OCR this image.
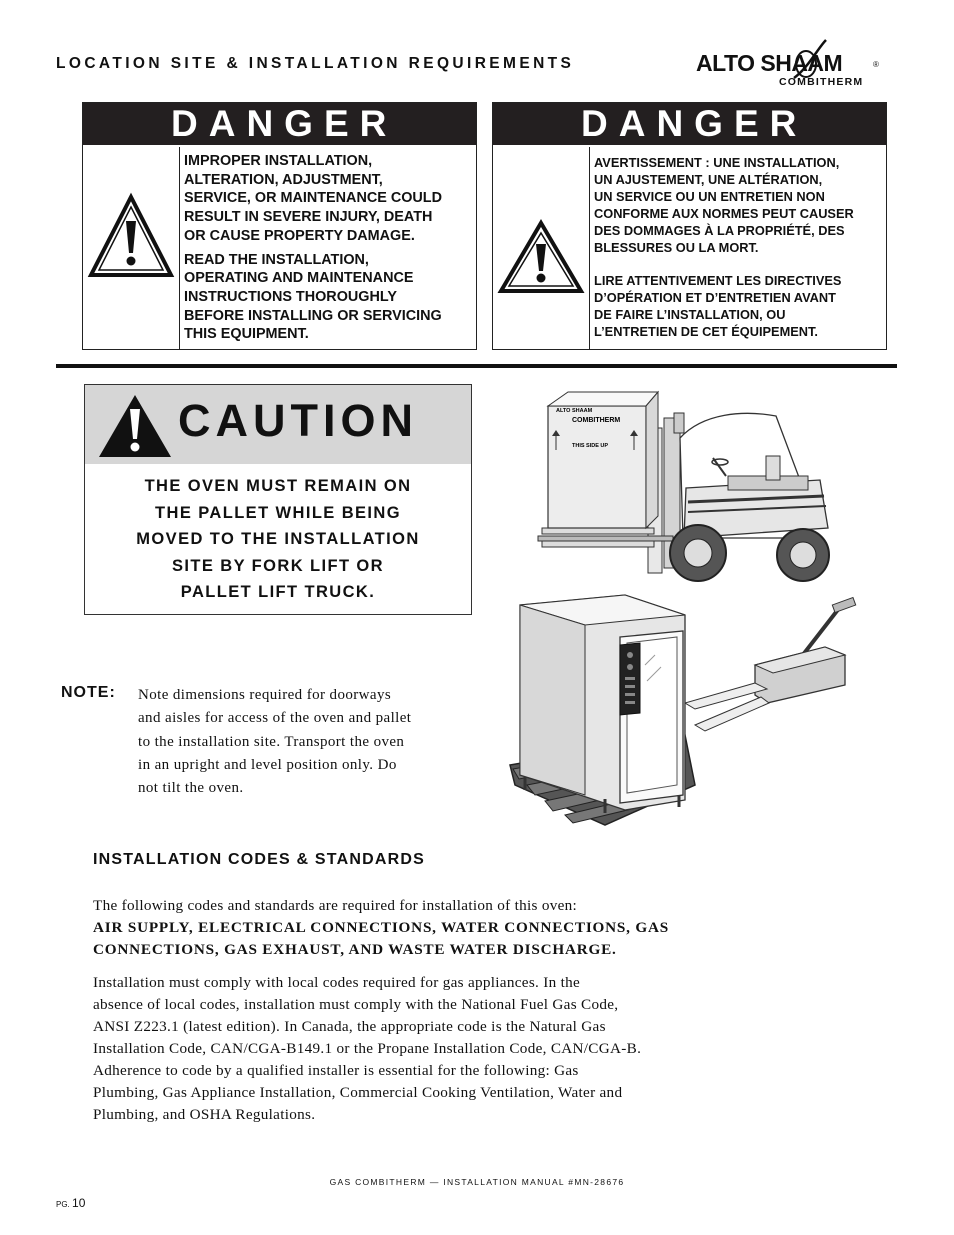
LOCATION SITE & INSTALLATION REQUIREMENTS	ALTO SHAAM	®
COMBITHERM
DANGER

IMPROPER INSTALLATION,
ALTERATION, ADJUSTMENT,
SERVICE, OR MAINTENANCE COULD
RESULT IN SEVERE INJURY, DEATH
OR CAUSE PROPERTY DAMAGE.

READ THE INSTALLATION,
OPERATING AND MAINTENANCE
INSTRUCTIONS THOROUGHLY
BEFORE INSTALLING OR SERVICING
THIS EQUIPMENT.

DANGER

AVERTISSEMENT : UNE INSTALLATION,
UN AJUSTEMENT, UNE ALTÉRATION,
UN SERVICE OU UN ENTRETIEN NON
CONFORME AUX NORMES PEUT CAUSER
DES DOMMAGES À LA PROPRIÉTÉ, DES
BLESSURES OU LA MORT.

LIRE ATTENTIVEMENT LES DIRECTIVES
D’OPÉRATION ET D’ENTRETIEN AVANT
DE FAIRE L’INSTALLATION, OU
L’ENTRETIEN DE CET ÉQUIPEMENT.

CAUTION
THE OVEN MUST REMAIN ON
THE PALLET WHILE BEING
MOVED TO THE INSTALLATION
SITE BY FORK LIFT OR
PALLET LIFT TRUCK.
ALTO SHAAM
COMBITHERM
THIS SIDE UP
NOTE: Note dimensions required for doorways
and aisles for access of the oven and pallet
to the installation site. Transport the oven
in an upright and level position only. Do
not tilt the oven.
INSTALLATION CODES & STANDARDS
The following codes and standards are required for installation of this oven:
AIR SUPPLY, ELECTRICAL CONNECTIONS, WATER CONNECTIONS, GAS
CONNECTIONS, GAS EXHAUST, AND WASTE WATER DISCHARGE.
Installation must comply with local codes required for gas appliances. In the
absence of local codes, installation must comply with the National Fuel Gas Code,
ANSI Z223.1 (latest edition). In Canada, the appropriate code is the Natural Gas
Installation Code, CAN/CGA-B149.1 or the Propane Installation Code, CAN/CGA-B.
Adherence to code by a qualified installer is essential for the following: Gas
Plumbing, Gas Appliance Installation, Commercial Cooking Ventilation, Water and
Plumbing, and OSHA Regulations.
GAS COMBITHERM — INSTALLATION MANUAL #MN-28676
PG. 10
